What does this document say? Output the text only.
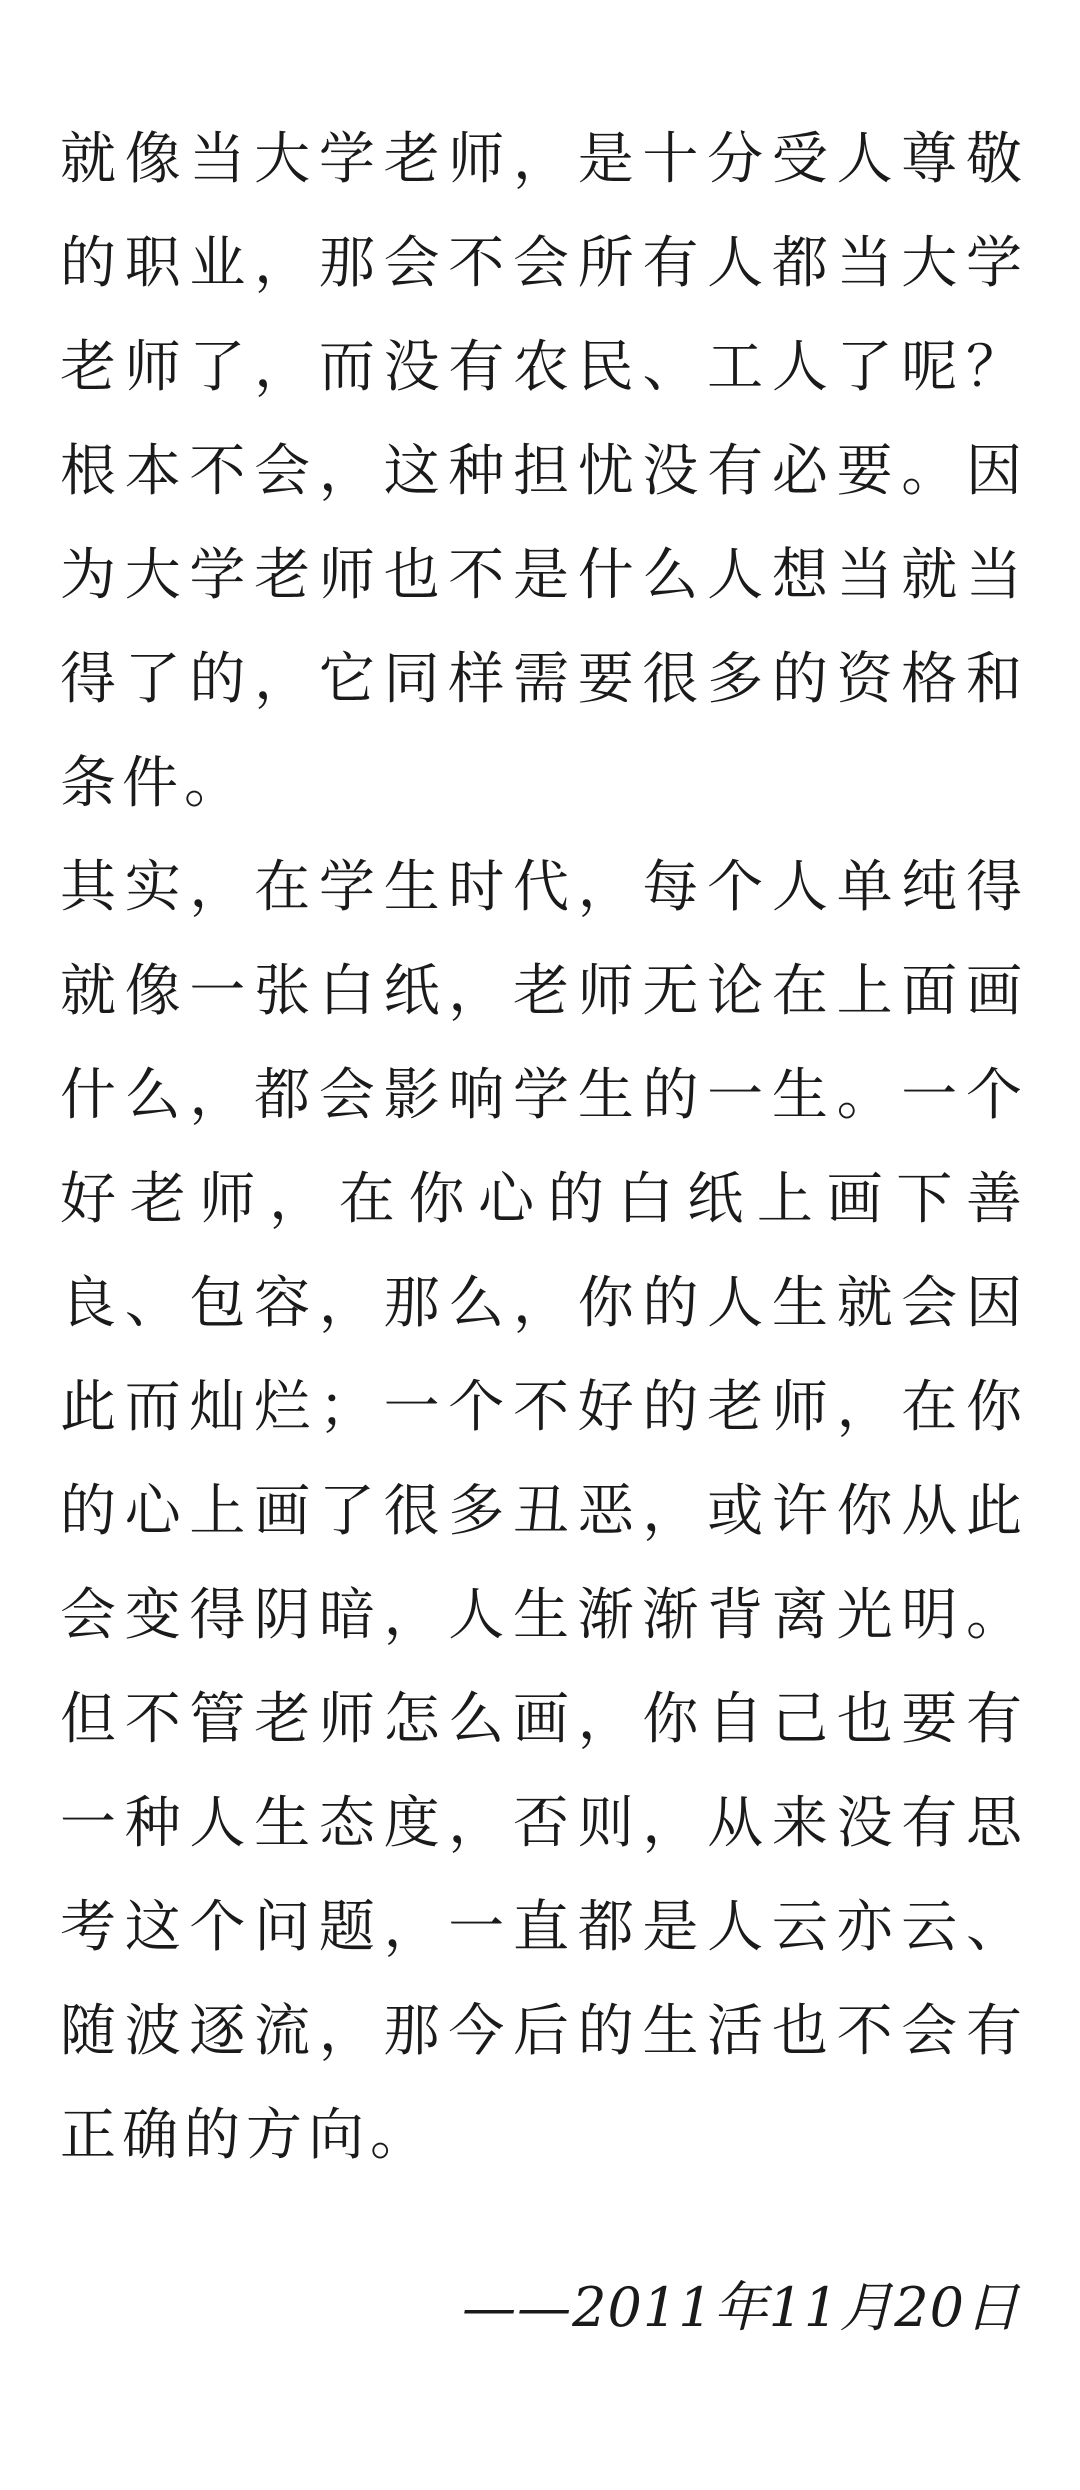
就像当大学老师，是十分受人尊敬的职业，那会不会所有人都当大学老师了，而没有农民、工人了呢？根本不会，这种担忧没有必要。因为大学老师也不是什么人想当就当得了的，它同样需要很多的资格和条件。

其实，在学生时代，每个人单纯得就像一张白纸，老师无论在上面画什么，都会影响学生的一生。一个好老师，在你心的白纸上画下善良、包容，那么，你的人生就会因此而灿烂；一个不好的老师，在你的心上画了很多丑恶，或许你从此会变得阴暗，人生渐渐背离光明。但不管老师怎么画，你自己也要有一种人生态度，否则，从来没有思考这个问题，一直都是人云亦云、随波逐流，那今后的生活也不会有正确的方向。

——2011年11月20日
